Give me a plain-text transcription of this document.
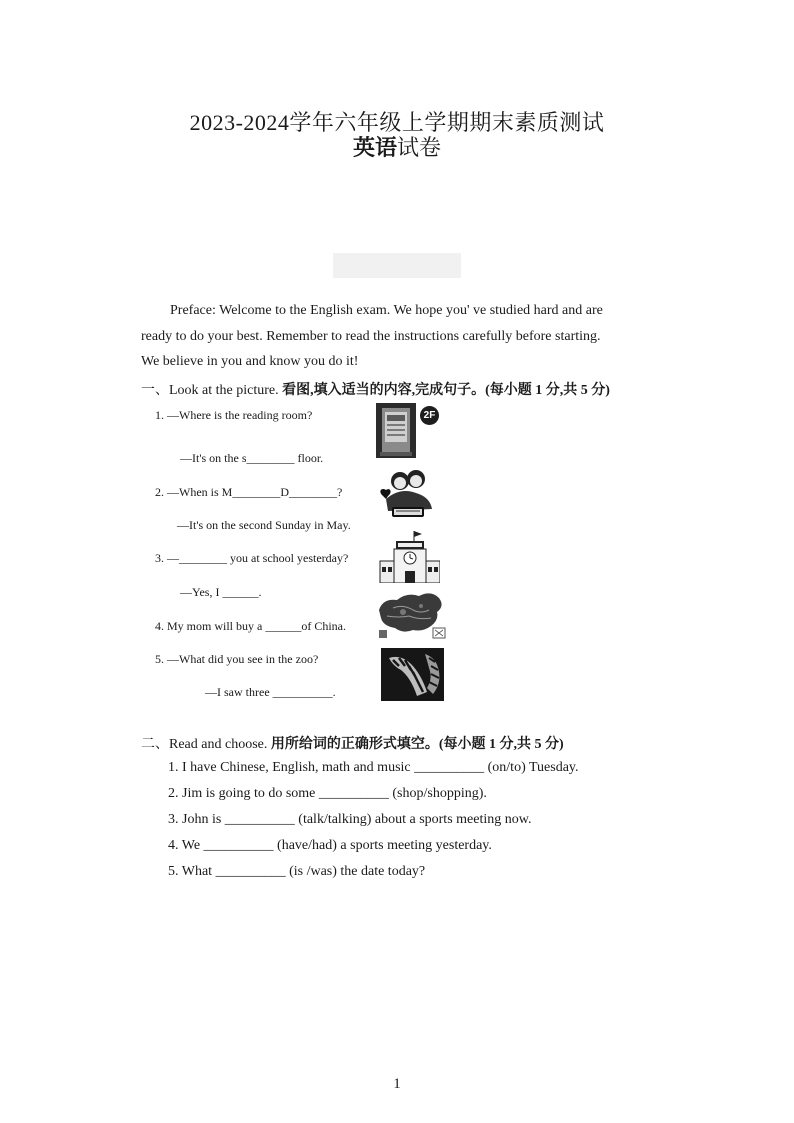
2023-2024学年六年级上学期期末素质测试
英语试卷
Preface: Welcome to the English exam. We hope you' ve studied hard and are
ready to do your best. Remember to read the instructions carefully before starting.
We believe in you and know you do it!
一、Look at the picture. 看图,填入适当的内容,完成句子。(每小题 1 分,共 5 分)
1. —Where is the reading room?
—It's on the s________ floor.
2. —When is M________D________?
—It's on the second Sunday in May.
3. —________ you at school yesterday?
—Yes, I ______.
4. My mom will buy a ______of China.
5. —What did you see in the zoo?
—I saw three __________.
2F
二、Read and choose. 用所给词的正确形式填空。(每小题 1 分,共 5 分)
1. I have Chinese, English, math and music __________ (on/to) Tuesday.
2. Jim is going to do some __________ (shop/shopping).
3. John is __________ (talk/talking) about a sports meeting now.
4. We __________ (have/had) a sports meeting yesterday.
5. What __________ (is /was) the date today?
1
